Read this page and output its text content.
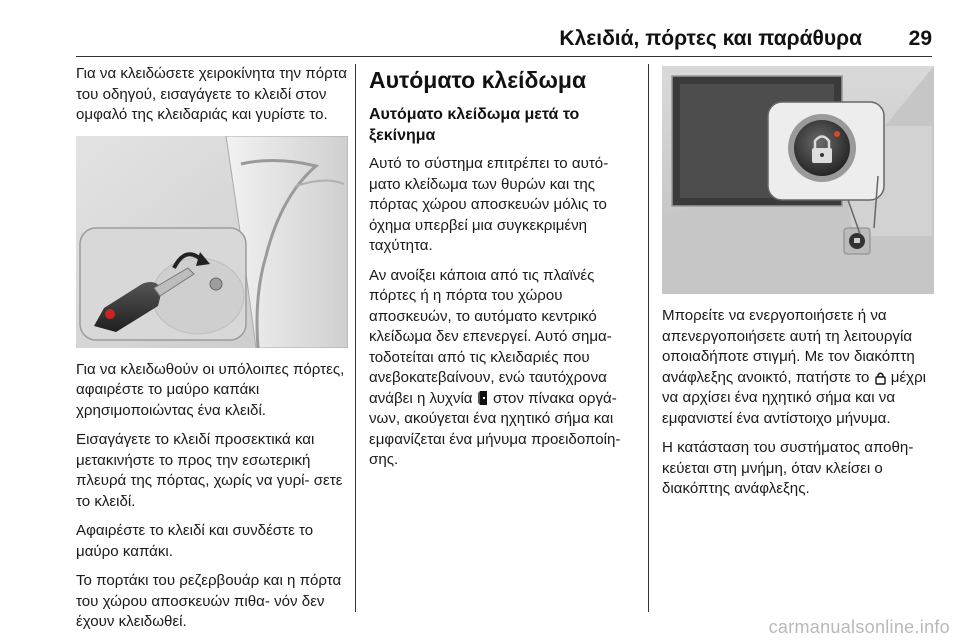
Κλειδιά, πόρτες και παράθυρα 29

Για να κλειδώσετε χειροκίνητα την πόρτα του οδηγού, εισαγάγετε το κλειδί στον ομφαλό της κλειδαριάς και γυρίστε το.

Για να κλειδωθούν οι υπόλοιπες πόρτες, αφαιρέστε το μαύρο καπάκι χρησιμοποιώντας ένα κλειδί.

Εισαγάγετε το κλειδί προσεκτικά και μετακινήστε το προς την εσωτερική πλευρά της πόρτας, χωρίς να γυρί- σετε το κλειδί.

Αφαιρέστε το κλειδί και συνδέστε το μαύρο καπάκι.

Το πορτάκι του ρεζερβουάρ και η πόρτα του χώρου αποσκευών πιθα- νόν δεν έχουν κλειδωθεί.

Αυτόματο κλείδωμα
Αυτόματο κλείδωμα μετά το ξεκίνημα

Αυτό το σύστημα επιτρέπει το αυτό- ματο κλείδωμα των θυρών και της πόρτας χώρου αποσκευών μόλις το όχημα υπερβεί μια συγκεκριμένη ταχύτητα.

Αν ανοίξει κάποια από τις πλαϊνές πόρτες ή η πόρτα του χώρου αποσκευών, το αυτόματο κεντρικό κλείδωμα δεν επενεργεί. Αυτό σημα- τοδοτείται από τις κλειδαριές που ανεβοκατεβαίνουν, ενώ ταυτόχρονα ανάβει η λυχνία στον πίνακα οργά- νων, ακούγεται ένα ηχητικό σήμα και εμφανίζεται ένα μήνυμα προειδοποίη- σης.

Μπορείτε να ενεργοποιήσετε ή να απενεργοποιήσετε αυτή τη λειτουργία οποιαδήποτε στιγμή. Με τον διακόπτη ανάφλεξης ανοικτό, πατήστε το μέχρι να αρχίσει ένα ηχητικό σήμα και να εμφανιστεί ένα αντίστοιχο μήνυμα.

Η κατάσταση του συστήματος αποθη- κεύεται στη μνήμη, όταν κλείσει ο διακόπτης ανάφλεξης.

carmanualsonline.info
